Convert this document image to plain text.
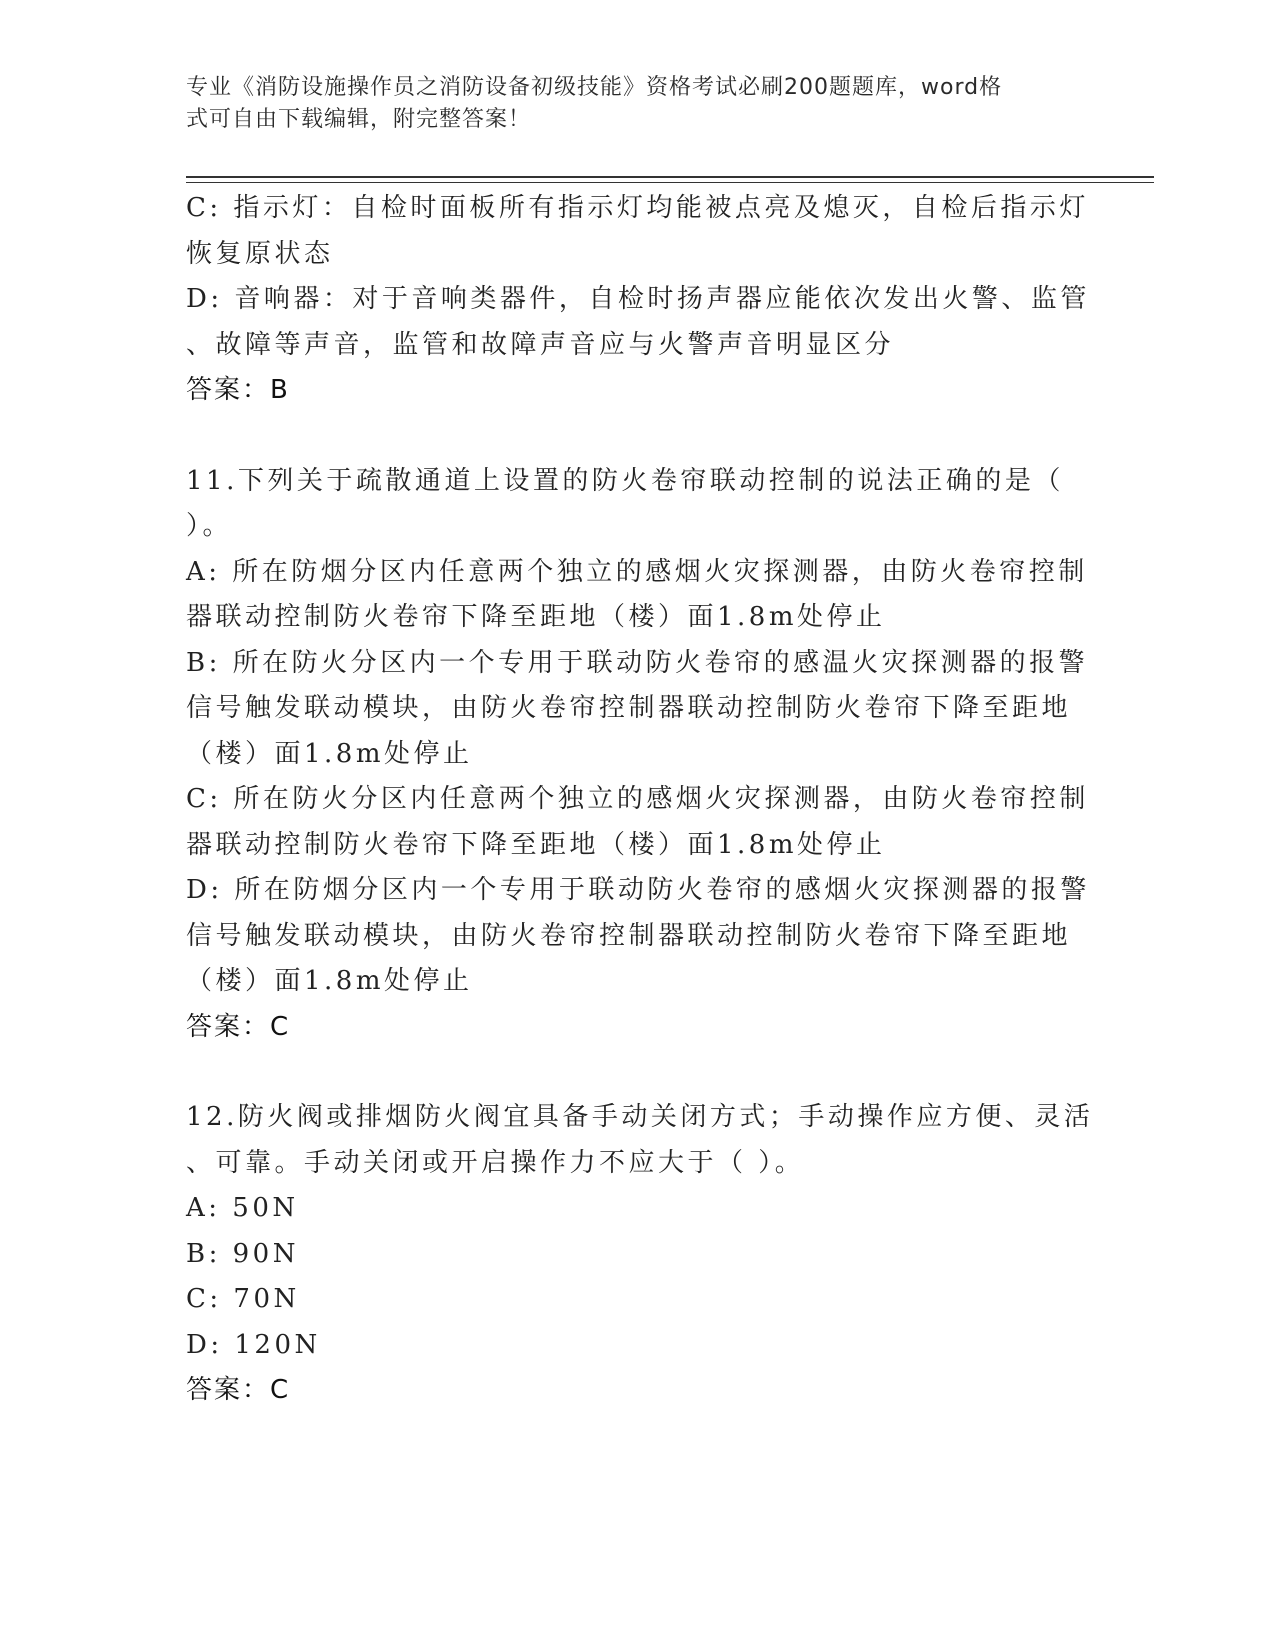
专业《消防设施操作员之消防设备初级技能》资格考试必刷200题题库，word格
式可自由下载编辑，附完整答案！
C: 指示灯：自检时面板所有指示灯均能被点亮及熄灭，自检后指示灯
恢复原状态
D: 音响器：对于音响类器件，自检时扬声器应能依次发出火警、监管
、故障等声音，监管和故障声音应与火警声音明显区分
答案：B
11.下列关于疏散通道上设置的防火卷帘联动控制的说法正确的是（
）。
A: 所在防烟分区内任意两个独立的感烟火灾探测器，由防火卷帘控制
器联动控制防火卷帘下降至距地（楼）面1.8m处停止
B: 所在防火分区内一个专用于联动防火卷帘的感温火灾探测器的报警
信号触发联动模块，由防火卷帘控制器联动控制防火卷帘下降至距地
（楼）面1.8m处停止
C: 所在防火分区内任意两个独立的感烟火灾探测器，由防火卷帘控制
器联动控制防火卷帘下降至距地（楼）面1.8m处停止
D: 所在防烟分区内一个专用于联动防火卷帘的感烟火灾探测器的报警
信号触发联动模块，由防火卷帘控制器联动控制防火卷帘下降至距地
（楼）面1.8m处停止
答案：C
12.防火阀或排烟防火阀宜具备手动关闭方式；手动操作应方便、灵活
、可靠。手动关闭或开启操作力不应大于（ ）。
A: 50N
B: 90N
C: 70N
D: 120N
答案：C
